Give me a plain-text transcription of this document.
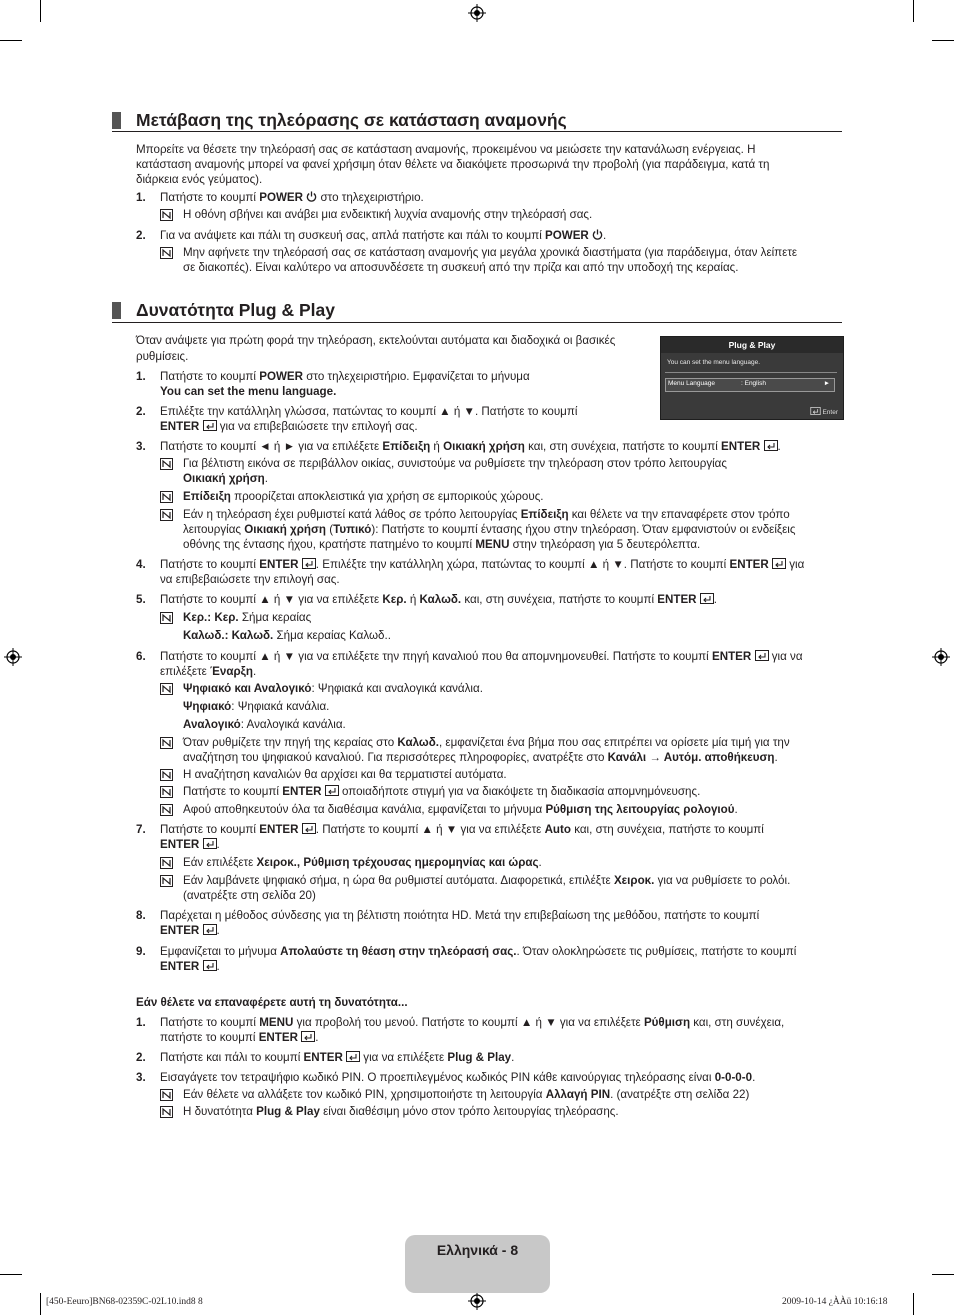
Μετάβαση της τηλεόρασης σε κατάσταση αναμονής
Μπορείτε να θέσετε την τηλεόρασή σας σε κατάσταση αναμονής, προκειμένου να μειώσετε την κατανάλωση ενέργειας. Η
κατάσταση αναμονής μπορεί να φανεί χρήσιμη όταν θέλετε να διακόψετε προσωρινά την προβολή (για παράδειγμα, κατά τη
διάρκεια ενός γεύματος).
1. Πατήστε το κουμπί POWER  στο τηλεχειριστήριο.
Η οθόνη σβήνει και ανάβει μια ενδεικτική λυχνία αναμονής στην τηλεόρασή σας.
2. Για να ανάψετε και πάλι τη συσκευή σας, απλά πατήστε και πάλι το κουμπί POWER .
Μην αφήνετε την τηλεόρασή σας σε κατάσταση αναμονής για μεγάλα χρονικά διαστήματα (για παράδειγμα, όταν λείπετε
σε διακοπές). Είναι καλύτερο να αποσυνδέσετε τη συσκευή από την πρίζα και από την υποδοχή της κεραίας.
Δυνατότητα Plug & Play
Όταν ανάψετε για πρώτη φορά την τηλεόραση, εκτελούνται αυτόματα και διαδοχικά οι βασικές
ρυθμίσεις.
Plug & Play
You can set the menu language.
Menu Language	: English	►
Enter
1. Πατήστε το κουμπί POWER στο τηλεχειριστήριο. Εμφανίζεται το μήνυμα
You can set the menu language.
2. Επιλέξτε την κατάλληλη γλώσσα, πατώντας το κουμπί ▲ ή ▼. Πατήστε το κουμπί
ENTER  για να επιβεβαιώσετε την επιλογή σας.
3. Πατήστε το κουμπί ◄ ή ► για να επιλέξετε Επίδειξη ή Οικιακή χρήση και, στη συνέχεια, πατήστε το κουμπί ENTER .
Για βέλτιστη εικόνα σε περιβάλλον οικίας, συνιστούμε να ρυθμίσετε την τηλεόραση στον τρόπο λειτουργίας
Οικιακή χρήση.
Επίδειξη προορίζεται αποκλειστικά για χρήση σε εμπορικούς χώρους.
Εάν η τηλεόραση έχει ρυθμιστεί κατά λάθος σε τρόπο λειτουργίας Επίδειξη και θέλετε να την επαναφέρετε στον τρόπο
λειτουργίας Οικιακή χρήση (Τυπικό): Πατήστε το κουμπί έντασης ήχου στην τηλεόραση. Όταν εμφανιστούν οι ενδείξεις
οθόνης της έντασης ήχου, κρατήστε πατημένο το κουμπί MENU στην τηλεόραση για 5 δευτερόλεπτα.
4. Πατήστε το κουμπί ENTER . Επιλέξτε την κατάλληλη χώρα, πατώντας το κουμπί ▲ ή ▼. Πατήστε το κουμπί ENTER  για
να επιβεβαιώσετε την επιλογή σας.
5. Πατήστε το κουμπί ▲ ή ▼ για να επιλέξετε Κερ. ή Καλωδ. και, στη συνέχεια, πατήστε το κουμπί ENTER .
Κερ.: Κερ. Σήμα κεραίας
Καλωδ.: Καλωδ. Σήμα κεραίας Καλωδ..
6. Πατήστε το κουμπί ▲ ή ▼ για να επιλέξετε την πηγή καναλιού που θα απομνημονευθεί. Πατήστε το κουμπί ENTER  για να
επιλέξετε Έναρξη.
Ψηφιακό και Αναλογικό: Ψηφιακά και αναλογικά κανάλια.
Ψηφιακό: Ψηφιακά κανάλια.
Αναλογικό: Αναλογικά κανάλια.
Όταν ρυθμίζετε την πηγή της κεραίας στο Καλωδ., εμφανίζεται ένα βήμα που σας επιτρέπει να ορίσετε μία τιμή για την
αναζήτηση του ψηφιακού καναλιού. Για περισσότερες πληροφορίες, ανατρέξτε στο Κανάλι → Αυτόμ. αποθήκευση.
Η αναζήτηση καναλιών θα αρχίσει και θα τερματιστεί αυτόματα.
Πατήστε το κουμπί ENTER  οποιαδήποτε στιγμή για να διακόψετε τη διαδικασία απομνημόνευσης.
Αφού αποθηκευτούν όλα τα διαθέσιμα κανάλια, εμφανίζεται το μήνυμα Ρύθμιση της λειτουργίας ρολογιού.
7. Πατήστε το κουμπί ENTER . Πατήστε το κουμπί ▲ ή ▼ για να επιλέξετε Auto και, στη συνέχεια, πατήστε το κουμπί
ENTER .
Εάν επιλέξετε Χειροκ., Ρύθμιση τρέχουσας ημερομηνίας και ώρας.
Εάν λαμβάνετε ψηφιακό σήμα, η ώρα θα ρυθμιστεί αυτόματα. Διαφορετικά, επιλέξτε Χειροκ. για να ρυθμίσετε το ρολόι.
(ανατρέξτε στη σελίδα 20)
8. Παρέχεται η μέθοδος σύνδεσης για τη βέλτιστη ποιότητα HD. Μετά την επιβεβαίωση της μεθόδου, πατήστε το κουμπί
ENTER .
9. Εμφανίζεται το μήνυμα Απολαύστε τη θέαση στην τηλεόρασή σας.. Όταν ολοκληρώσετε τις ρυθμίσεις, πατήστε το κουμπί
ENTER .
Εάν θέλετε να επαναφέρετε αυτή τη δυνατότητα...
1. Πατήστε το κουμπί MENU για προβολή του μενού. Πατήστε το κουμπί ▲ ή ▼ για να επιλέξετε Ρύθμιση και, στη συνέχεια,
πατήστε το κουμπί ENTER .
2. Πατήστε και πάλι το κουμπί ENTER  για να επιλέξετε Plug & Play.
3. Εισαγάγετε τον τετραψήφιο κωδικό PIN. Ο προεπιλεγμένος κωδικός PIN κάθε καινούργιας τηλεόρασης είναι 0-0-0-0.
Εάν θέλετε να αλλάξετε τον κωδικό PIN, χρησιμοποιήστε τη λειτουργία Αλλαγή PIN. (ανατρέξτε στη σελίδα 22)
Η δυνατότητα Plug & Play είναι διαθέσιμη μόνο στον τρόπο λειτουργίας τηλεόρασης.
Ελληνικά - 8
[450-Eeuro]BN68-02359C-02L10.ind8 8	2009-10-14 ¿ÀÀü 10:16:18
